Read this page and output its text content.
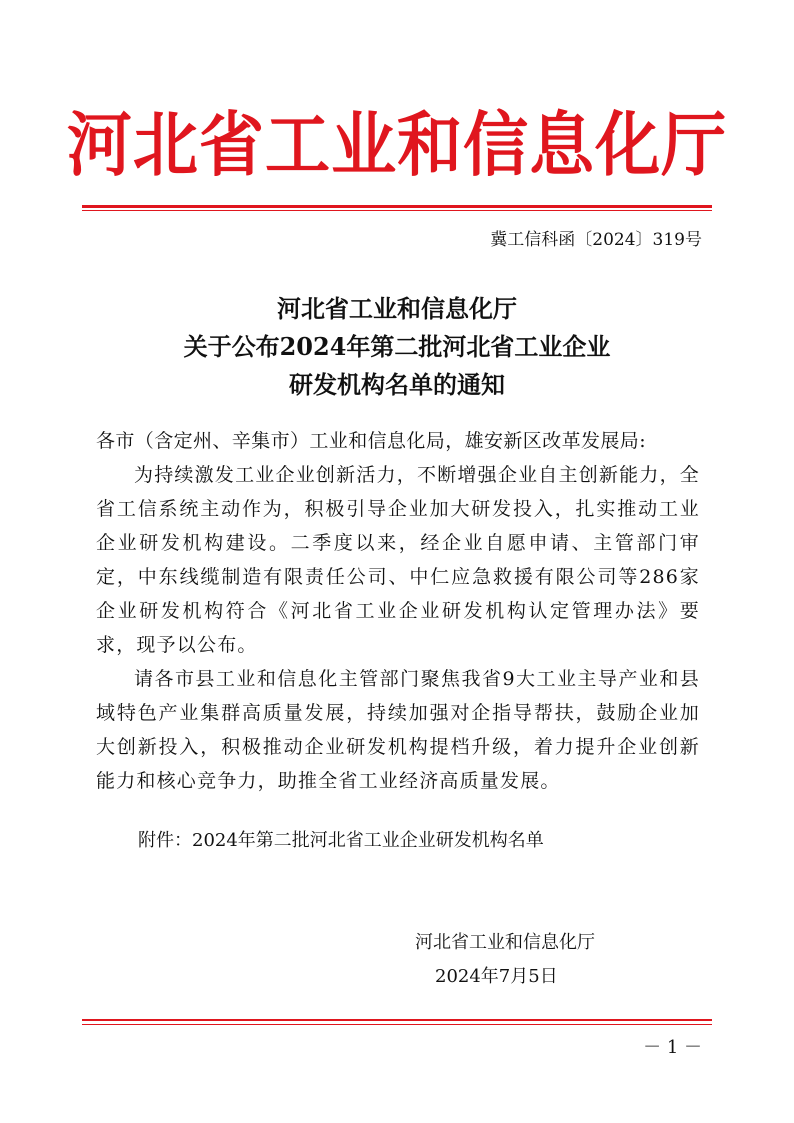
河北省工业和信息化厅
冀工信科函〔2024〕319号
河北省工业和信息化厅
关于公布2024年第二批河北省工业企业
研发机构名单的通知
各市（含定州、辛集市）工业和信息化局，雄安新区改革发展局:
为持续激发工业企业创新活力，不断增强企业自主创新能力，全省工信系统主动作为，积极引导企业加大研发投入，扎实推动工业企业研发机构建设。二季度以来，经企业自愿申请、主管部门审定，中东线缆制造有限责任公司、中仁应急救援有限公司等286家企业研发机构符合《河北省工业企业研发机构认定管理办法》要求，现予以公布。
请各市县工业和信息化主管部门聚焦我省9大工业主导产业和县域特色产业集群高质量发展，持续加强对企指导帮扶，鼓励企业加大创新投入，积极推动企业研发机构提档升级，着力提升企业创新能力和核心竞争力，助推全省工业经济高质量发展。
附件：2024年第二批河北省工业企业研发机构名单
河北省工业和信息化厅
2024年7月5日
－ 1 －
